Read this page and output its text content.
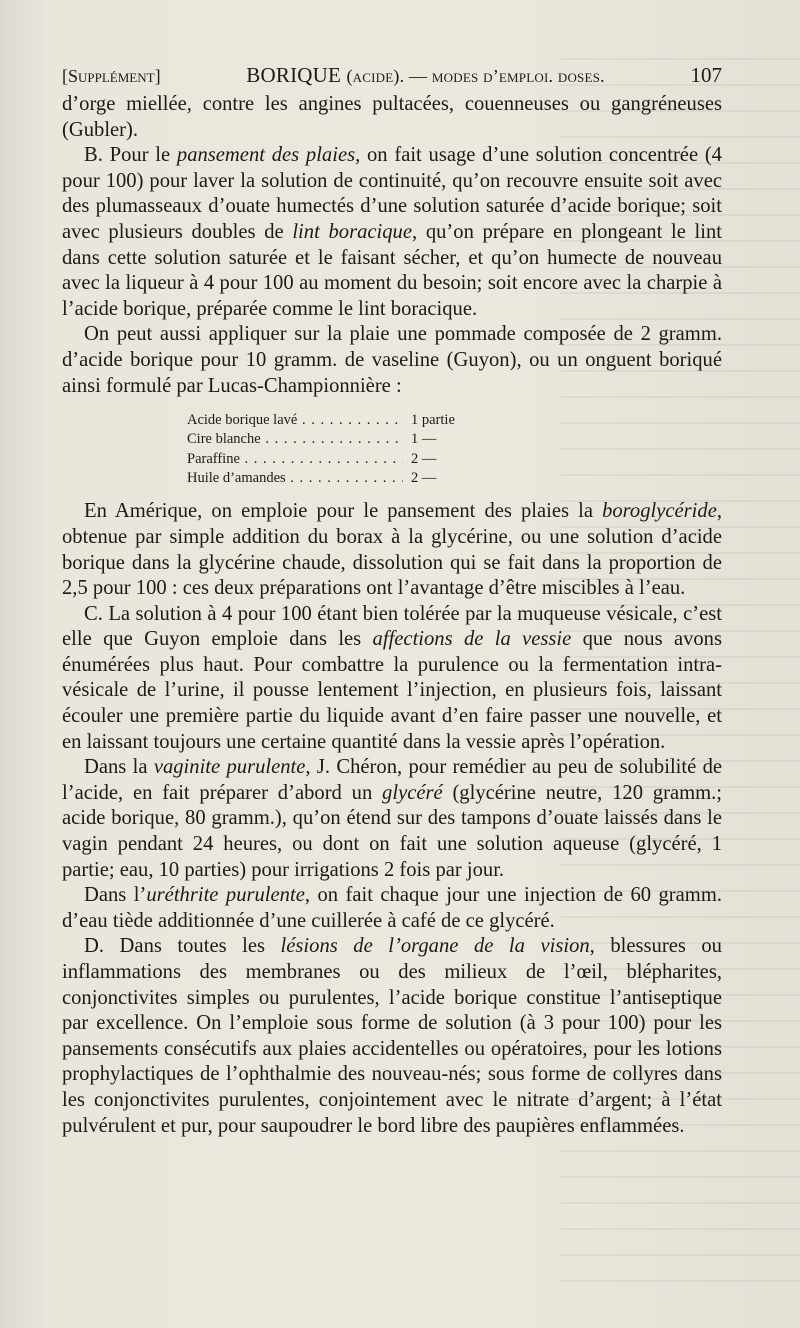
[Supplément]	BORIQUE (acide). — modes d’emploi. doses.	107

d’orge miellée, contre les angines pultacées, couenneuses ou gangréneuses (Gubler).

B. Pour le pansement des plaies, on fait usage d’une solution concentrée (4 pour 100) pour laver la solution de continuité, qu’on recouvre ensuite soit avec des plumasseaux d’ouate humectés d’une solution saturée d’acide borique; soit avec plusieurs doubles de lint boracique, qu’on prépare en plongeant le lint dans cette solution saturée et le faisant sécher, et qu’on humecte de nouveau avec la liqueur à 4 pour 100 au moment du besoin; soit encore avec la charpie à l’acide borique, préparée comme le lint boracique.

On peut aussi appliquer sur la plaie une pommade composée de 2 gramm. d’acide borique pour 10 gramm. de vaseline (Guyon), ou un onguent boriqué ainsi formulé par Lucas-Championnière :

Acide borique lavé . . .	1 partie
Cire blanche . . .	1 —
Paraffine . . .	2 —
Huile d’amandes . . .	2 —

En Amérique, on emploie pour le pansement des plaies la boroglycéride, obtenue par simple addition du borax à la glycérine, ou une solution d’acide borique dans la glycérine chaude, dissolution qui se fait dans la proportion de 2,5 pour 100 : ces deux préparations ont l’avantage d’être miscibles à l’eau.

C. La solution à 4 pour 100 étant bien tolérée par la muqueuse vésicale, c’est elle que Guyon emploie dans les affections de la vessie que nous avons énumérées plus haut. Pour combattre la purulence ou la fermentation intra-vésicale de l’urine, il pousse lentement l’injection, en plusieurs fois, laissant écouler une première partie du liquide avant d’en faire passer une nouvelle, et en laissant toujours une certaine quantité dans la vessie après l’opération.

Dans la vaginite purulente, J. Chéron, pour remédier au peu de solubilité de l’acide, en fait préparer d’abord un glycéré (glycérine neutre, 120 gramm.; acide borique, 80 gramm.), qu’on étend sur des tampons d’ouate laissés dans le vagin pendant 24 heures, ou dont on fait une solution aqueuse (glycéré, 1 partie; eau, 10 parties) pour irrigations 2 fois par jour.

Dans l’uréthrite purulente, on fait chaque jour une injection de 60 gramm. d’eau tiède additionnée d’une cuillerée à café de ce glycéré.

D. Dans toutes les lésions de l’organe de la vision, blessures ou inflammations des membranes ou des milieux de l’œil, blépharites, conjonctivites simples ou purulentes, l’acide borique constitue l’antiseptique par excellence. On l’emploie sous forme de solution (à 3 pour 100) pour les pansements consécutifs aux plaies accidentelles ou opératoires, pour les lotions prophylactiques de l’ophthalmie des nouveau-nés; sous forme de collyres dans les conjonctivites purulentes, conjointement avec le nitrate d’argent; à l’état pulvérulent et pur, pour saupoudrer le bord libre des paupières enflammées.
